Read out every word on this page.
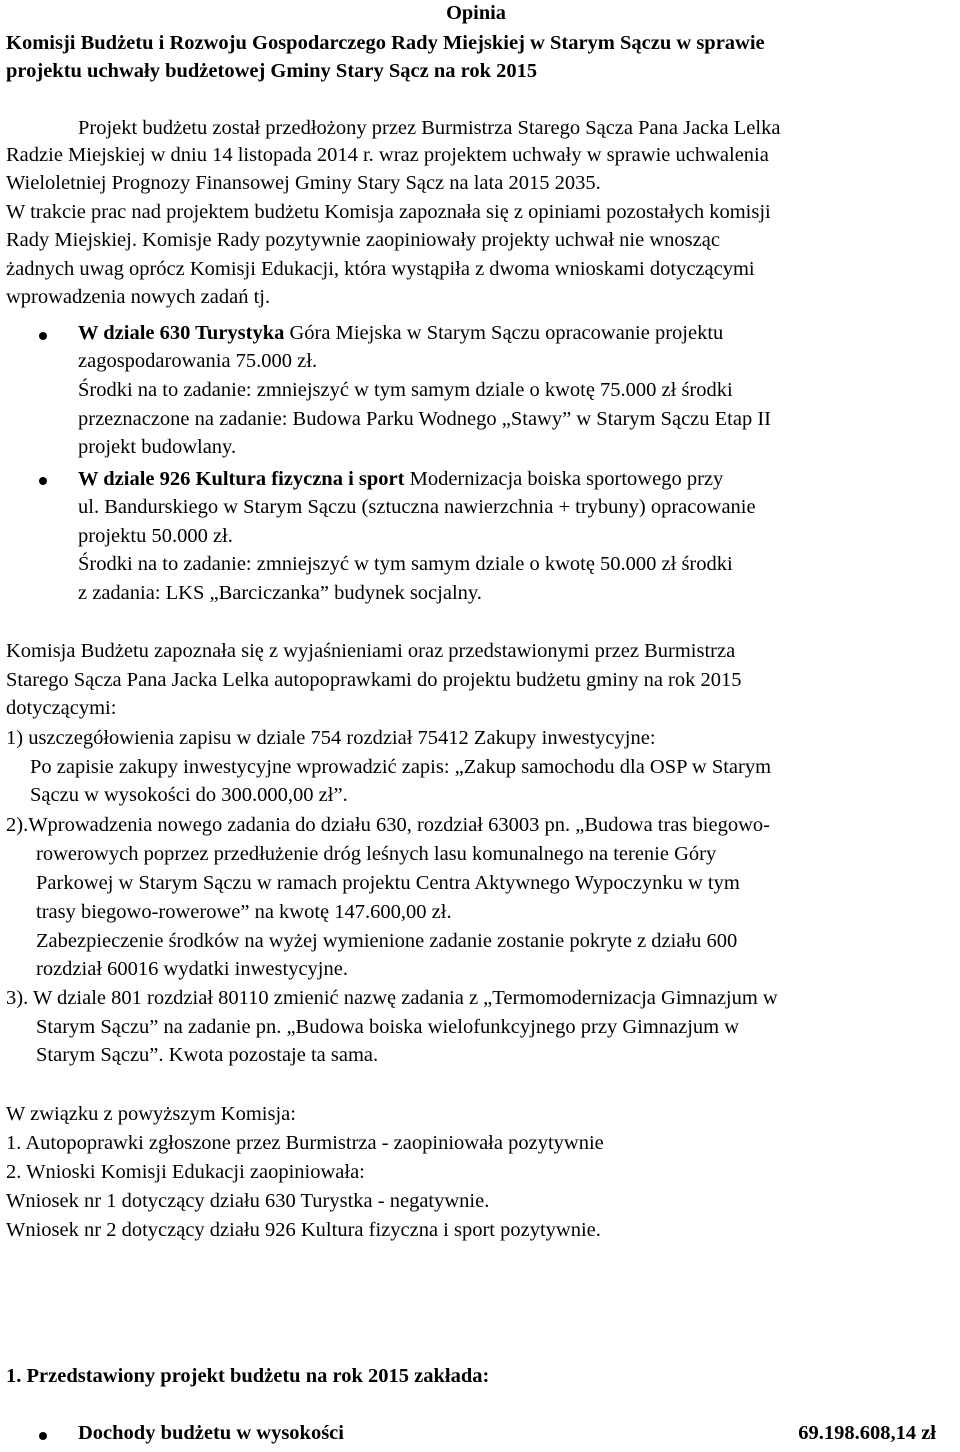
Opinia
Komisji Budżetu i Rozwoju Gospodarczego Rady Miejskiej w Starym Sączu w sprawie
projektu uchwały budżetowej Gminy Stary Sącz na rok 2015
Projekt budżetu został przedłożony przez Burmistrza Starego Sącza Pana Jacka Lelka
Radzie Miejskiej w dniu 14 listopada 2014 r. wraz projektem uchwały w sprawie uchwalenia
Wieloletniej Prognozy Finansowej Gminy Stary Sącz na lata 2015 2035.
W trakcie prac nad projektem budżetu Komisja zapoznała się z opiniami pozostałych komisji
Rady Miejskiej. Komisje Rady pozytywnie zaopiniowały projekty uchwał nie wnosząc
żadnych uwag oprócz Komisji Edukacji, która wystąpiła z dwoma wnioskami dotyczącymi
wprowadzenia nowych zadań tj.
W dziale 630 Turystyka Góra Miejska w Starym Sączu opracowanie projektu
zagospodarowania 75.000 zł.
Środki na to zadanie: zmniejszyć w tym samym dziale o kwotę 75.000 zł środki
przeznaczone na zadanie: Budowa Parku Wodnego „Stawy” w Starym Sączu Etap II
projekt budowlany.
W dziale 926 Kultura fizyczna i sport Modernizacja boiska sportowego przy
ul. Bandurskiego w Starym Sączu (sztuczna nawierzchnia + trybuny) opracowanie
projektu 50.000 zł.
Środki na to zadanie: zmniejszyć w tym samym dziale o kwotę 50.000 zł środki
z zadania: LKS „Barciczanka” budynek socjalny.
Komisja Budżetu zapoznała się z wyjaśnieniami oraz przedstawionymi przez Burmistrza
Starego Sącza Pana Jacka Lelka autopoprawkami do projektu budżetu gminy na rok 2015
dotyczącymi:
1) uszczegółowienia zapisu w dziale 754 rozdział 75412 Zakupy inwestycyjne:
Po zapisie zakupy inwestycyjne wprowadzić zapis: „Zakup samochodu dla OSP w Starym
Sączu w wysokości do 300.000,00 zł”.
2).Wprowadzenia nowego zadania do działu 630, rozdział 63003 pn. „Budowa tras biegowo-
rowerowych poprzez przedłużenie dróg leśnych lasu komunalnego na terenie Góry
Parkowej w Starym Sączu w ramach projektu Centra Aktywnego Wypoczynku w tym
trasy biegowo-rowerowe” na kwotę 147.600,00 zł.
Zabezpieczenie środków na wyżej wymienione zadanie zostanie pokryte z działu 600
rozdział 60016 wydatki inwestycyjne.
3). W dziale 801 rozdział 80110 zmienić nazwę zadania z „Termomodernizacja Gimnazjum w
Starym Sączu” na zadanie pn. „Budowa boiska wielofunkcyjnego przy Gimnazjum w
Starym Sączu”. Kwota pozostaje ta sama.
W związku z powyższym Komisja:
1. Autopoprawki zgłoszone przez Burmistrza - zaopiniowała pozytywnie
2. Wnioski Komisji Edukacji zaopiniowała:
Wniosek nr 1 dotyczący działu 630 Turystka - negatywnie.
Wniosek nr 2 dotyczący działu 926 Kultura fizyczna i sport pozytywnie.
1. Przedstawiony projekt budżetu na rok 2015 zakłada:
Dochody budżetu w wysokości	69.198.608,14 zł
